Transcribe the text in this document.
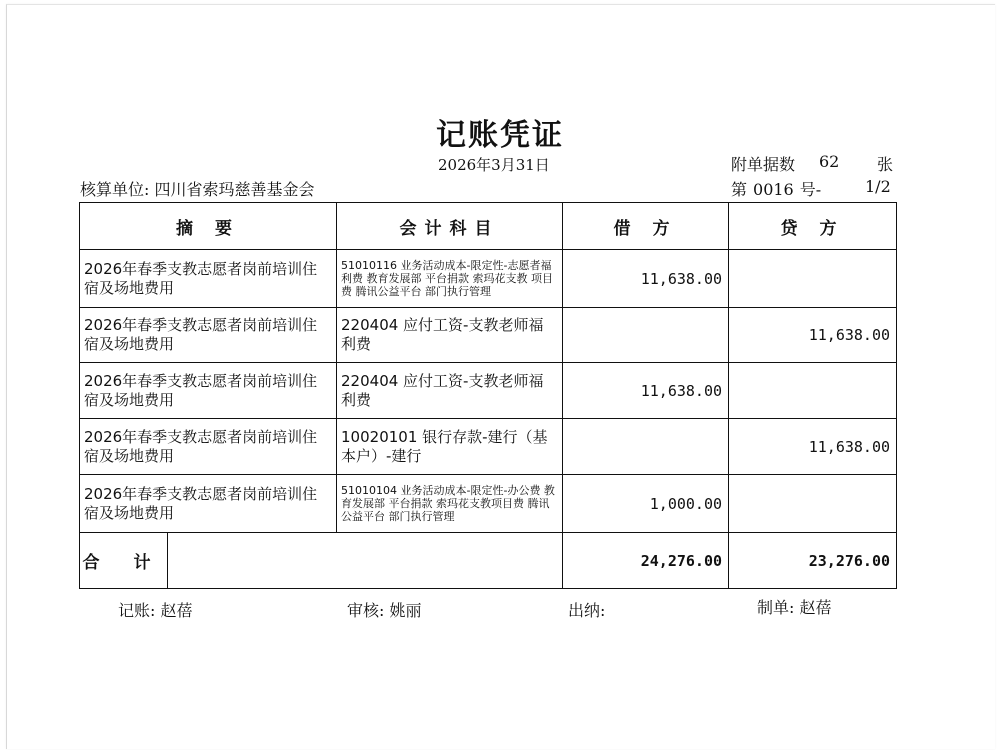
记账凭证
2026年3月31日	附单据数 62 张
核算单位: 四川省索玛慈善基金会	第 0016 号-	1/2
摘 要		会计科目	借 方	贷 方
2026年春季支教志愿者岗前培训住宿及场地费用		51010116 业务活动成本-限定性-志愿者福利费 教育发展部 平台捐款 索玛花支教 项目费 腾讯公益平台 部门执行管理	11,638.00	
2026年春季支教志愿者岗前培训住宿及场地费用		220404 应付工资-支教老师福利费		11,638.00
2026年春季支教志愿者岗前培训住宿及场地费用		220404 应付工资-支教老师福利费	11,638.00	
2026年春季支教志愿者岗前培训住宿及场地费用		10020101 银行存款-建行（基本户）-建行		11,638.00
2026年春季支教志愿者岗前培训住宿及场地费用		51010104 业务活动成本-限定性-办公费 教育发展部 平台捐款 索玛花支教项目费 腾讯公益平台 部门执行管理	1,000.00	
合 计			24,276.00	23,276.00
记账: 赵蓓	审核: 姚丽	出纳:	制单: 赵蓓
